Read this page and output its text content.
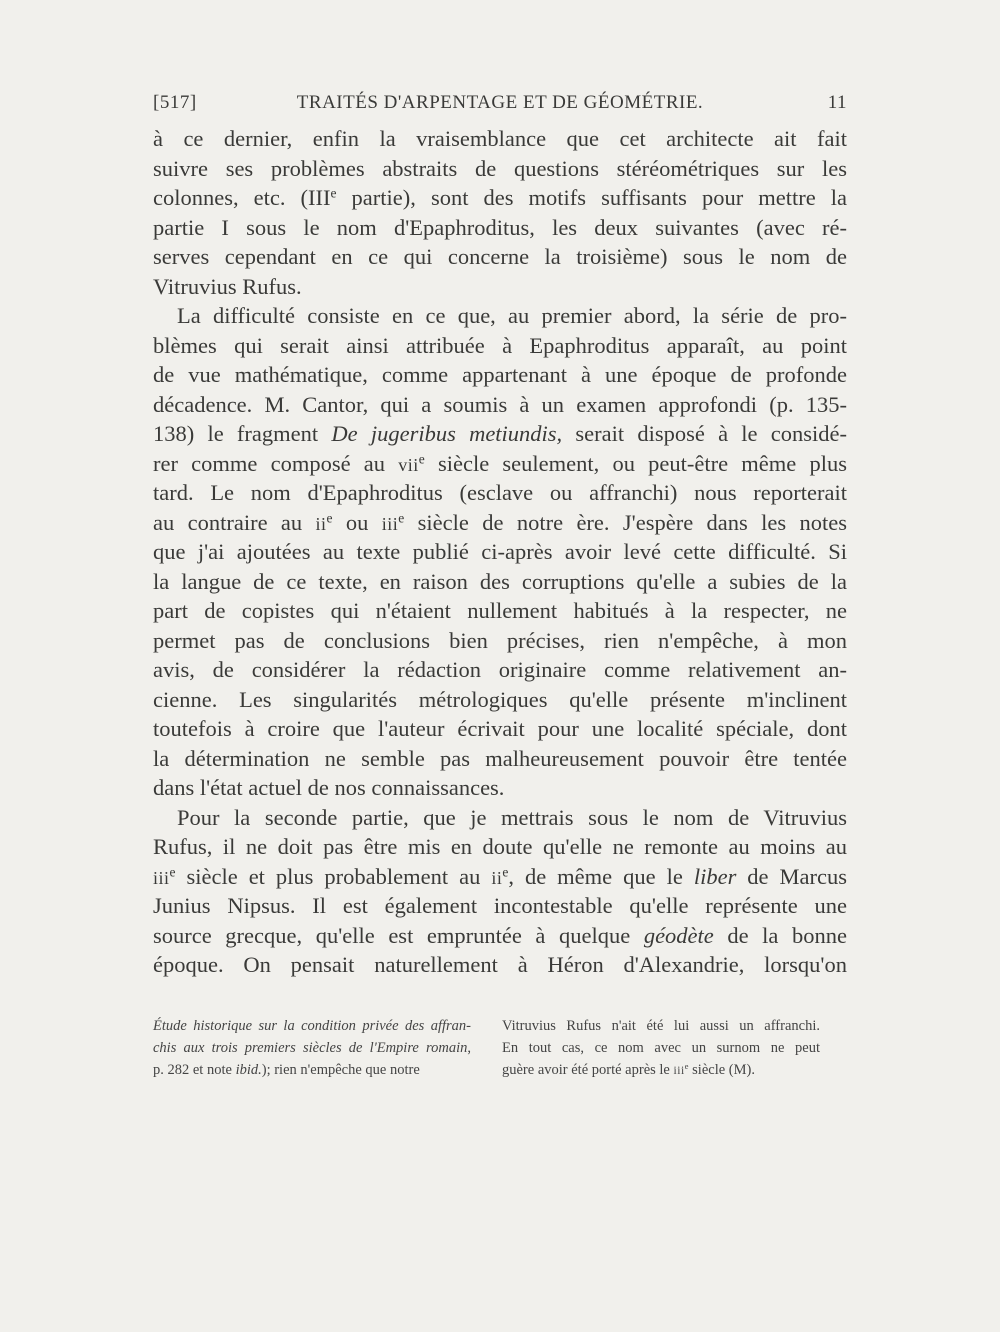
[517]	TRAITÉS D'ARPENTAGE ET DE GÉOMÉTRIE.	11

à ce dernier, enfin la vraisemblance que cet architecte ait fait
suivre ses problèmes abstraits de questions stéréométriques sur les
colonnes, etc. (IIIe partie), sont des motifs suffisants pour mettre la
partie I sous le nom d'Epaphroditus, les deux suivantes (avec ré-
serves cependant en ce qui concerne la troisième) sous le nom de
Vitruvius Rufus.

La difficulté consiste en ce que, au premier abord, la série de pro-
blèmes qui serait ainsi attribuée à Epaphroditus apparaît, au point
de vue mathématique, comme appartenant à une époque de profonde
décadence. M. Cantor, qui a soumis à un examen approfondi (p. 135-
138) le fragment De jugeribus metiundis, serait disposé à le considé-
rer comme composé au vii$^e$ siècle seulement, ou peut-être même plus
tard. Le nom d'Epaphroditus (esclave ou affranchi) nous reporterait
au contraire au $ii^e$ ou iii$^e$ siècle de notre ère. J'espère dans les notes
que j'ai ajoutées au texte publié ci-après avoir levé cette difficulté. Si
la langue de ce texte, en raison des corruptions qu'elle a subies de la
part de copistes qui n'étaient nullement habitués à la respecter, ne
permet pas de conclusions bien précises, rien n'empêche, à mon
avis, de considérer la rédaction originaire comme relativement an-
cienne. Les singularités métrologiques qu'elle présente m'inclinent
toutefois à croire que l'auteur écrivait pour une localité spéciale, dont
la détermination ne semble pas malheureusement pouvoir être tentée
dans l'état actuel de nos connaissances.

Pour la seconde partie, que je mettrais sous le nom de Vitruvius
Rufus, il ne doit pas être mis en doute qu'elle ne remonte au moins au
iii$^e$ siècle et plus probablement au $ii^e$, de même que le liber de Marcus
Junius Nipsus. Il est également incontestable qu'elle représente une
source grecque, qu'elle est empruntée à quelque géodète de la bonne
époque. On pensait naturellement à Héron d'Alexandrie, lorsqu'on

Étude historique sur la condition privée des affran-
chis aux trois premiers siècles de l'Empire romain,
p. 282 et note ibid.); rien n'empêche que notre
Vitruvius Rufus n'ait été lui aussi un affranchi.
En tout cas, ce nom avec un surnom ne peut
guère avoir été porté après le iii$^e$ siècle (M).
